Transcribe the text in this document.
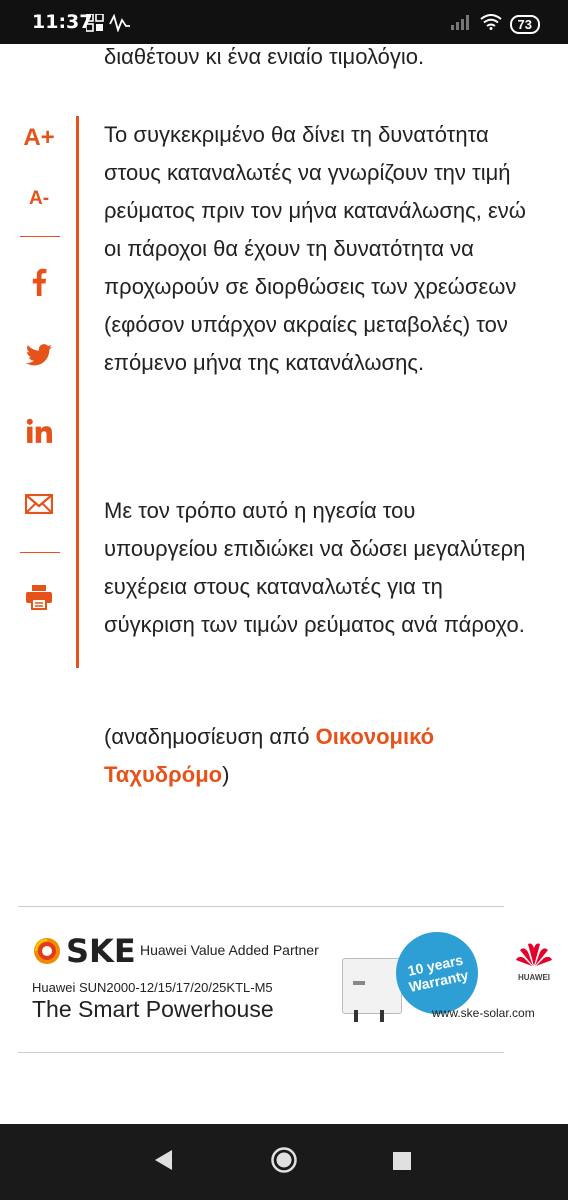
11:37	73
διαθέτουν κι ένα ενιαίο τιμολόγιο.
A+
A-
Το συγκεκριμένο θα δίνει τη δυνατότητα στους καταναλωτές να γνωρίζουν την τιμή ρεύματος πριν τον μήνα κατανάλωσης, ενώ οι πάροχοι θα έχουν τη δυνατότητα να προχωρούν σε διορθώσεις των χρεώσεων (εφόσον υπάρχον ακραίες μεταβολές) τον επόμενο μήνα της κατανάλωσης.
Με τον τρόπο αυτό η ηγεσία του υπουργείου επιδιώκει να δώσει μεγαλύτερη ευχέρεια στους καταναλωτές για τη σύγκριση των τιμών ρεύματος ανά πάροχο.
(αναδημοσίευση από Οικονομικό Ταχυδρόμο)
SKE Huawei Value Added Partner
Huawei SUN2000-12/15/17/20/25KTL-M5
The Smart Powerhouse
10 years Warranty
www.ske-solar.com
HUAWEI
